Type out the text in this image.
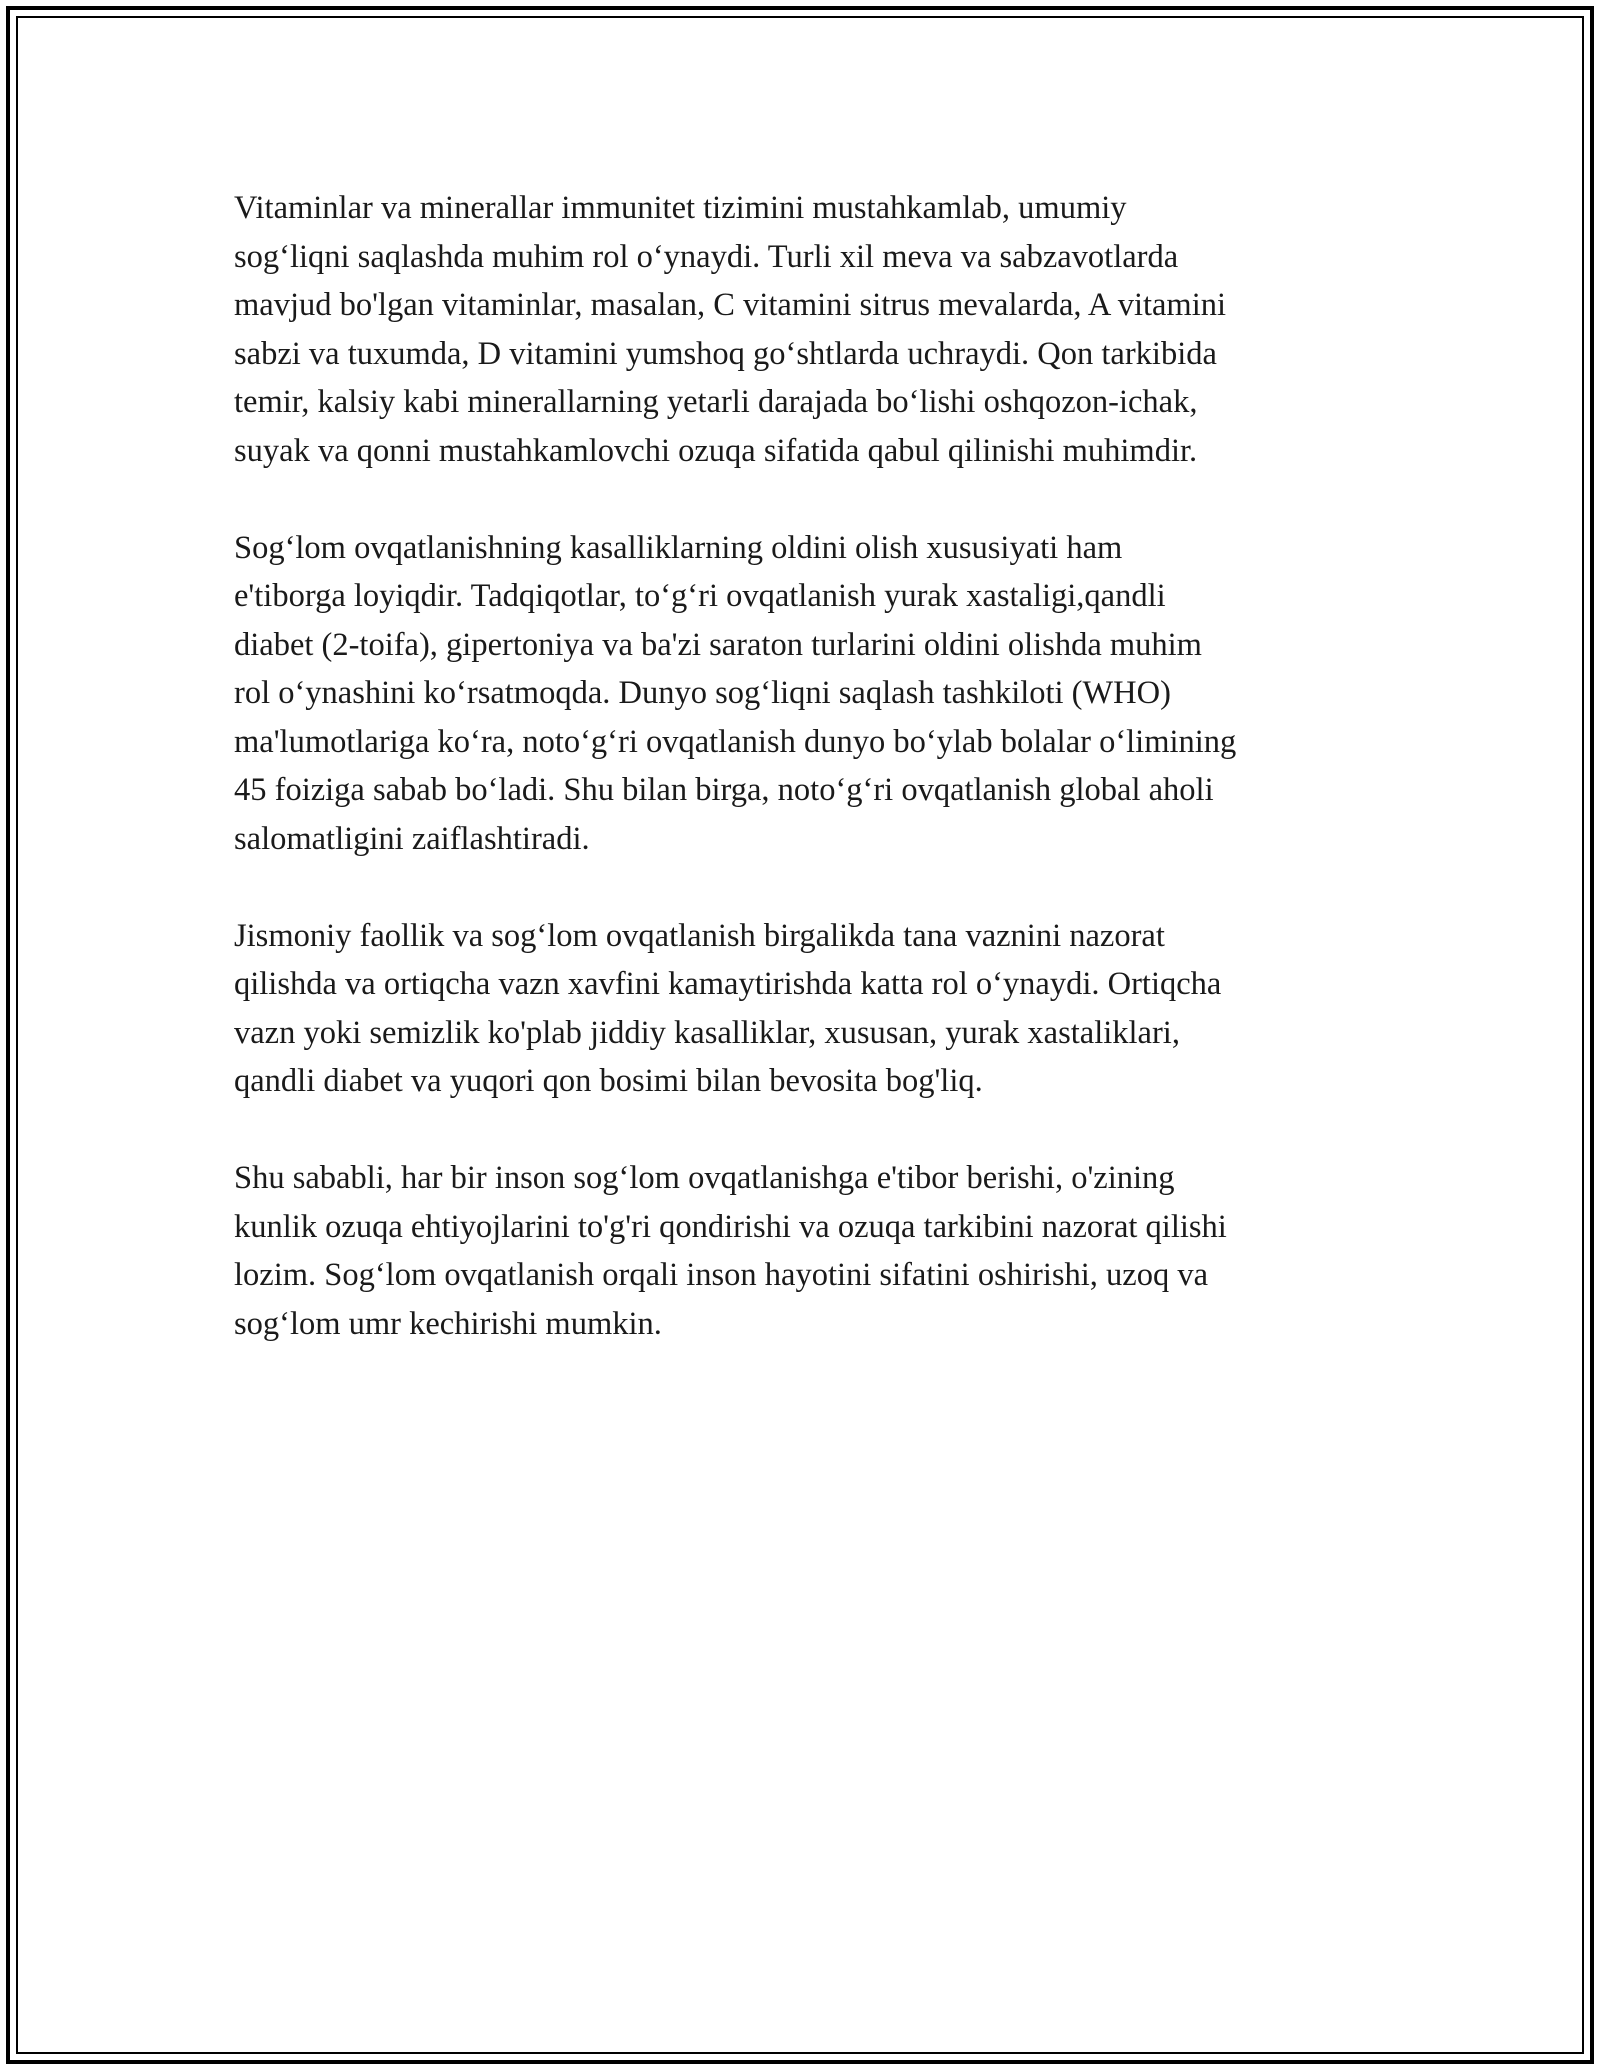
Vitaminlar va minerallar immunitet tizimini mustahkamlab, umumiy
sog‘liqni saqlashda muhim rol o‘ynaydi. Turli xil meva va sabzavotlarda
mavjud bo'lgan vitaminlar, masalan, C vitamini sitrus mevalarda, A vitamini
sabzi va tuxumda, D vitamini yumshoq go‘shtlarda uchraydi. Qon tarkibida
temir, kalsiy kabi minerallarning yetarli darajada bo‘lishi oshqozon-ichak,
suyak va qonni mustahkamlovchi ozuqa sifatida qabul qilinishi muhimdir.

Sog‘lom ovqatlanishning kasalliklarning oldini olish xususiyati ham
e'tiborga loyiqdir. Tadqiqotlar, to‘g‘ri ovqatlanish yurak xastaligi,qandli
diabet (2-toifa), gipertoniya va ba'zi saraton turlarini oldini olishda muhim
rol o‘ynashini ko‘rsatmoqda. Dunyo sog‘liqni saqlash tashkiloti (WHO)
ma'lumotlariga ko‘ra, noto‘g‘ri ovqatlanish dunyo bo‘ylab bolalar o‘limining
45 foiziga sabab bo‘ladi. Shu bilan birga, noto‘g‘ri ovqatlanish global aholi
salomatligini zaiflashtiradi.

Jismoniy faollik va sog‘lom ovqatlanish birgalikda tana vaznini nazorat
qilishda va ortiqcha vazn xavfini kamaytirishda katta rol o‘ynaydi. Ortiqcha
vazn yoki semizlik ko'plab jiddiy kasalliklar, xususan, yurak xastaliklari,
qandli diabet va yuqori qon bosimi bilan bevosita bog'liq.

Shu sababli, har bir inson sog‘lom ovqatlanishga e'tibor berishi, o'zining
kunlik ozuqa ehtiyojlarini to'g'ri qondirishi va ozuqa tarkibini nazorat qilishi
lozim. Sog‘lom ovqatlanish orqali inson hayotini sifatini oshirishi, uzoq va
sog‘lom umr kechirishi mumkin.
